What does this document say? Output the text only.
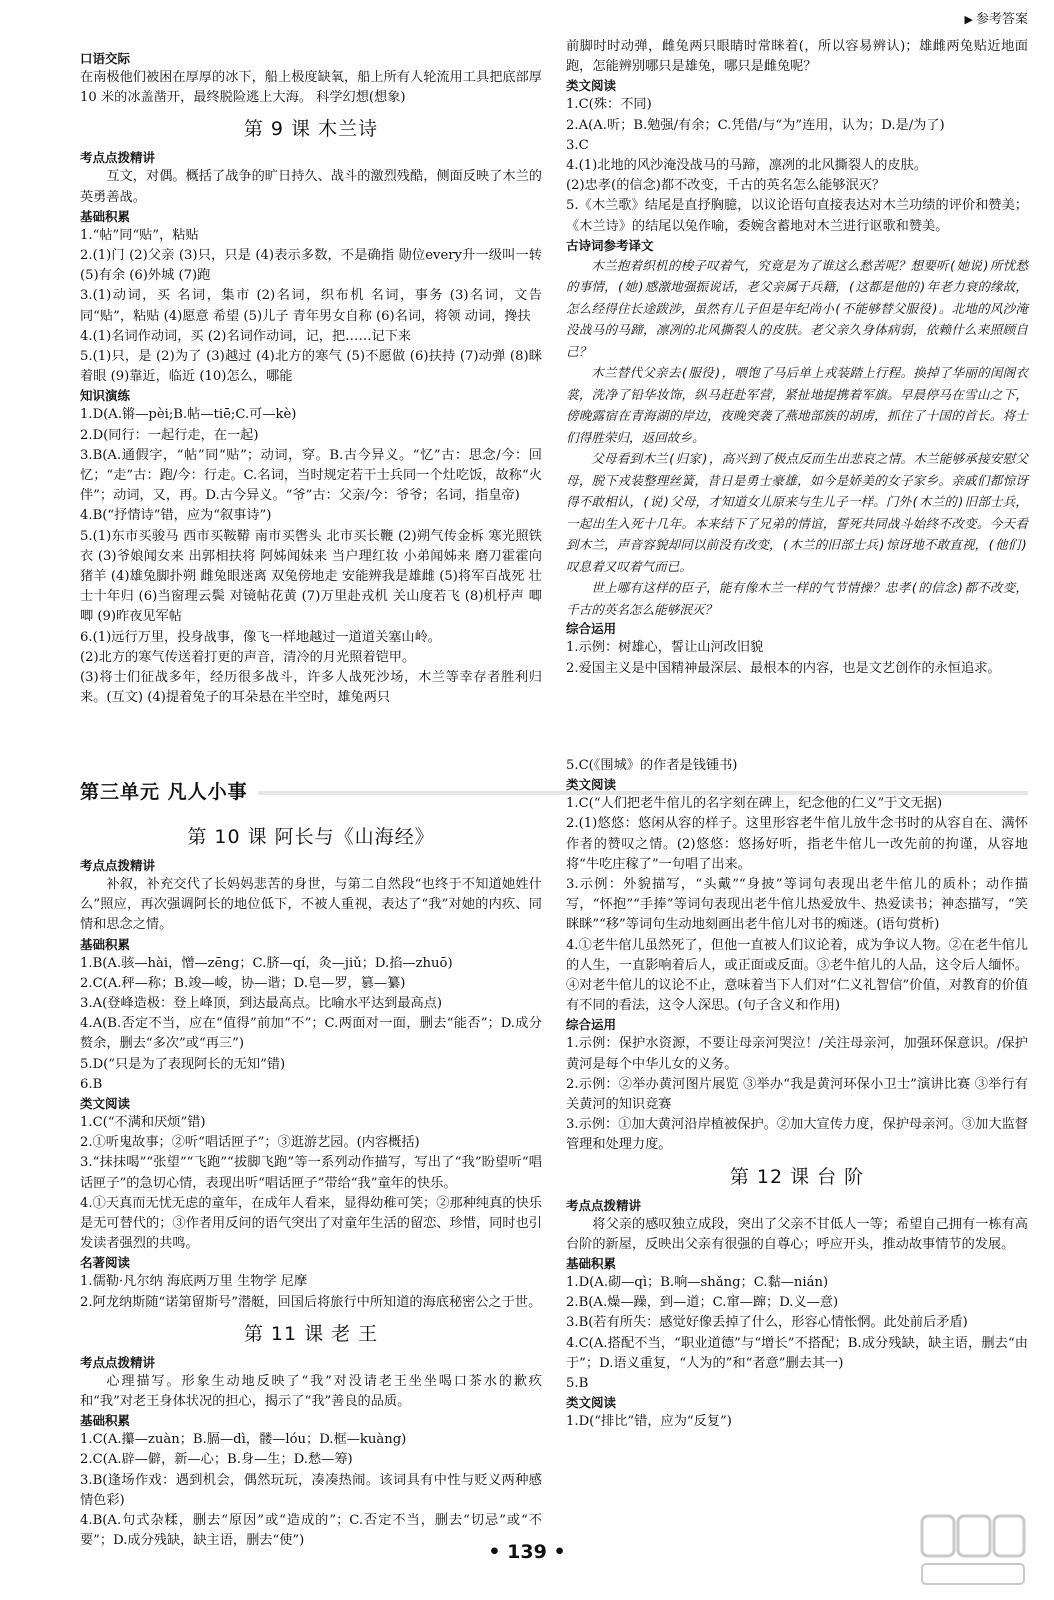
▶ 参考答案
口语交际

在南极他们被困在厚厚的冰下，船上极度缺氧，船上所有人轮流用工具把底部厚 10 米的冰盖凿开，最终脱险逃上大海。 科学幻想(想象)

第 9 课 木兰诗
考点点拨精讲

互文，对偶。概括了战争的旷日持久、战斗的激烈残酷，侧面反映了木兰的英勇善战。

基础积累

1.“帖”同“贴”，粘贴

2.(1)门 (2)父亲 (3)只，只是 (4)表示多数，不是确指 勋位every升一级叫一转 (5)有余 (6)外城 (7)跑

3.(1)动词，买 名词，集市 (2)名词，织布机 名词，事务 (3)名词，文告 同“贴”，粘贴 (4)愿意 希望 (5)儿子 青年男女自称 (6)名词，将领 动词，搀扶

4.(1)名词作动词，买 (2)名词作动词，记，把……记下来

5.(1)只，是 (2)为了 (3)越过 (4)北方的寒气 (5)不愿做 (6)扶持 (7)动弹 (8)眯着眼 (9)靠近，临近 (10)怎么，哪能

知识演练

1.D(A.锵—pèi;B.帖—tiē;C.可—kè)

2.D(同行：一起行走，在一起)

3.B(A.通假字，“帖”同“贴”；动词，穿。B.古今异义。“忆”古：思念/今：回忆；“走”古：跑/今：行走。C.名词，当时规定若干士兵同一个灶吃饭，故称“火伴”；动词，又，再。D.古今异义。“爷”古：父亲/今：爷爷；名词，指皇帝)

4.B(“抒情诗”错，应为“叙事诗”)

5.(1)东市买骏马 西市买鞍鞯 南市买辔头 北市买长鞭 (2)朔气传金柝 寒光照铁衣 (3)爷娘闻女来 出郭相扶将 阿姊闻妹来 当户理红妆 小弟闻姊来 磨刀霍霍向猪羊 (4)雄兔脚扑朔 雌兔眼迷离 双兔傍地走 安能辨我是雄雌 (5)将军百战死 壮士十年归 (6)当窗理云鬓 对镜帖花黄 (7)万里赴戎机 关山度若飞 (8)机杼声 唧唧 (9)昨夜见军帖

6.(1)远行万里，投身战事，像飞一样地越过一道道关塞山岭。

(2)北方的寒气传送着打更的声音，清冷的月光照着铠甲。

(3)将士们征战多年，经历很多战斗，许多人战死沙场，木兰等幸存者胜利归来。(互文) (4)提着兔子的耳朵悬在半空时，雄兔两只

前脚时时动弹，雌兔两只眼睛时常眯着(，所以容易辨认)；雄雌两兔贴近地面跑，怎能辨别哪只是雄兔，哪只是雌兔呢？

类文阅读

1.C(殊：不同)

2.A(A.听；B.勉强/有余；C.凭借/与“为”连用，认为；D.是/为了)

3.C

4.(1)北地的风沙淹没战马的马蹄，凛冽的北风撕裂人的皮肤。

(2)忠孝(的信念)都不改变，千古的英名怎么能够泯灭？

5.《木兰歌》结尾是直抒胸臆，以议论语句直接表达对木兰功绩的评价和赞美；《木兰诗》的结尾以兔作喻，委婉含蓄地对木兰进行讴歌和赞美。

古诗词参考译文

木兰抱着织机的梭子叹着气，究竟是为了谁这么愁苦呢？想要听(她说)所忧愁的事情，(她)感激地强振说话，老父亲属于兵籍，(这都是他的)年老力衰的缘故，怎么经得住长途跋涉，虽然有儿子但是年纪尚小(不能够替父服役)。北地的风沙淹没战马的马蹄，凛冽的北风撕裂人的皮肤。老父亲久身体病弱，依赖什么来照顾自己？

木兰替代父亲去(服役)，喂饱了马后单上戎装踏上行程。换掉了华丽的闺阁衣裳，洗净了铅华妆饰，纵马赶赴军营，紧扯地提携着军旗。早晨停马在雪山之下，傍晚露宿在青海湖的岸边，夜晚突袭了燕地部族的胡虏，抓住了十国的首长。将士们得胜荣归，返回故乡。

父母看到木兰(归家)，高兴到了极点反而生出悲哀之情。木兰能够承接安慰父母，脱下戎装整理丝簧，昔日是勇士豪雄，如今是娇美的女子家乡。亲戚们都惊讶得不敢相认，(说)父母，才知道女儿原来与生儿子一样。门外(木兰的)旧部士兵，一起出生入死十几年。本来结下了兄弟的情谊，誓死共同战斗始终不改变。今天看到木兰，声音容貌却同以前没有改变，(木兰的旧部士兵)惊讶地不敢直视，(他们)叹息着又叹着气而已。

世上哪有这样的臣子，能有像木兰一样的气节情操？忠孝(的信念)都不改变，千古的英名怎么能够泯灭？

综合运用

1.示例：树雄心，誓让山河改旧貌

2.爱国主义是中国精神最深层、最根本的内容，也是文艺创作的永恒追求。

第三单元 凡人小事
第 10 课 阿长与《山海经》
考点点拨精讲

补叙，补充交代了长妈妈悲苦的身世，与第二自然段“也终于不知道她姓什么”照应，再次强调阿长的地位低下，不被人重视，表达了“我”对她的内疚、同情和思念之情。

基础积累

1.B(A.骇—hài，憎—zēng；C.脐—qí，灸—jiǔ；D.掐—zhuō)

2.C(A.秤—称；B.竣—峻，协—谐；D.皂—罗，篡—纂)

3.A(登峰造极：登上峰顶，到达最高点。比喻水平达到最高点)

4.A(B.否定不当，应在“值得”前加“不”；C.两面对一面，删去“能否”；D.成分赘余，删去“多次”或“再三”)

5.D(“只是为了表现阿长的无知”错)

6.B

类文阅读

1.C(“不满和厌烦”错)

2.①听鬼故事；②听“唱话匣子”；③逛游艺园。(内容概括)

3.“抹抹喝”“张望”“飞跑”“拔脚飞跑”等一系列动作描写，写出了“我”盼望听“唱话匣子”的急切心情，表现出听“唱话匣子”带给“我”童年的快乐。

4.①天真而无忧无虑的童年，在成年人看来，显得幼稚可笑；②那种纯真的快乐是无可替代的；③作者用反问的语气突出了对童年生活的留恋、珍惜，同时也引发读者强烈的共鸣。

名著阅读

1.儒勒·凡尔纳 海底两万里 生物学 尼摩

2.阿龙纳斯随“诺第留斯号”潜艇，回国后将旅行中所知道的海底秘密公之于世。

第 11 课 老 王
考点点拨精讲

心理描写。形象生动地反映了“我”对没请老王坐坐喝口茶水的歉疚和“我”对老王身体状况的担心，揭示了“我”善良的品质。

基础积累

1.C(A.攥—zuàn；B.膈—dì，髅—lóu；D.框—kuàng)

2.C(A.辟—僻，新—心；B.身—生；D.愁—筹)

3.B(逢场作戏：遇到机会，偶然玩玩，凑凑热闹。该词具有中性与贬义两种感情色彩)

4.B(A.句式杂糅，删去“原因”或“造成的”；C.否定不当，删去“切忌”或“不要”；D.成分残缺，缺主语，删去“使”)

5.C(《围城》的作者是钱锺书)

类文阅读

1.C(“人们把老牛倌儿的名字刻在碑上，纪念他的仁义”于文无据)

2.(1)悠悠：悠闲从容的样子。这里形容老牛倌儿放牛念书时的从容自在、满怀作者的赞叹之情。(2)悠悠：悠扬好听，指老牛倌儿一改先前的拘谨，从容地将“牛吃庄稼了”一句唱了出来。

3.示例：外貌描写，“头戴”“身披”等词句表现出老牛倌儿的质朴；动作描写，“怀抱”“手捧”等词句表现出老牛倌儿热爱放牛、热爱读书；神态描写，“笑眯眯”“移”等词句生动地刻画出老牛倌儿对书的痴迷。(语句赏析)

4.①老牛倌儿虽然死了，但他一直被人们议论着，成为争议人物。②在老牛倌儿的人生，一直影响着后人，或正面或反面。③老牛倌儿的人品，这令后人缅怀。④对老牛倌儿的议论不止，意味着当下人们对“仁义礼智信”价值，对教育的价值有不同的看法，这令人深思。(句子含义和作用)

综合运用

1.示例：保护水资源，不要让母亲河哭泣！/关注母亲河，加强环保意识。/保护黄河是每个中华儿女的义务。

2.示例：②举办黄河图片展览 ③举办“我是黄河环保小卫士”演讲比赛 ③举行有关黄河的知识竞赛

3.示例：①加大黄河沿岸植被保护。②加大宣传力度，保护母亲河。③加大监督管理和处理力度。

第 12 课 台 阶
考点点拨精讲

将父亲的感叹独立成段，突出了父亲不甘低人一等；希望自己拥有一栋有高台阶的新屋，反映出父亲有很强的自尊心；呼应开头，推动故事情节的发展。

基础积累

1.D(A.砌—qì；B.响—shǎng；C.黏—nián)

2.B(A.燥—躁，到—道；C.窜—蹿；D.义—意)

3.B(若有所失：感觉好像丢掉了什么，形容心情怅惘。此处前后矛盾)

4.C(A.搭配不当，“职业道德”与“增长”不搭配；B.成分残缺，缺主语，删去“由于”；D.语义重复，“人为的”和“者意”删去其一)

5.B

类文阅读

1.D(“排比”错，应为“反复”)

• 139 •
